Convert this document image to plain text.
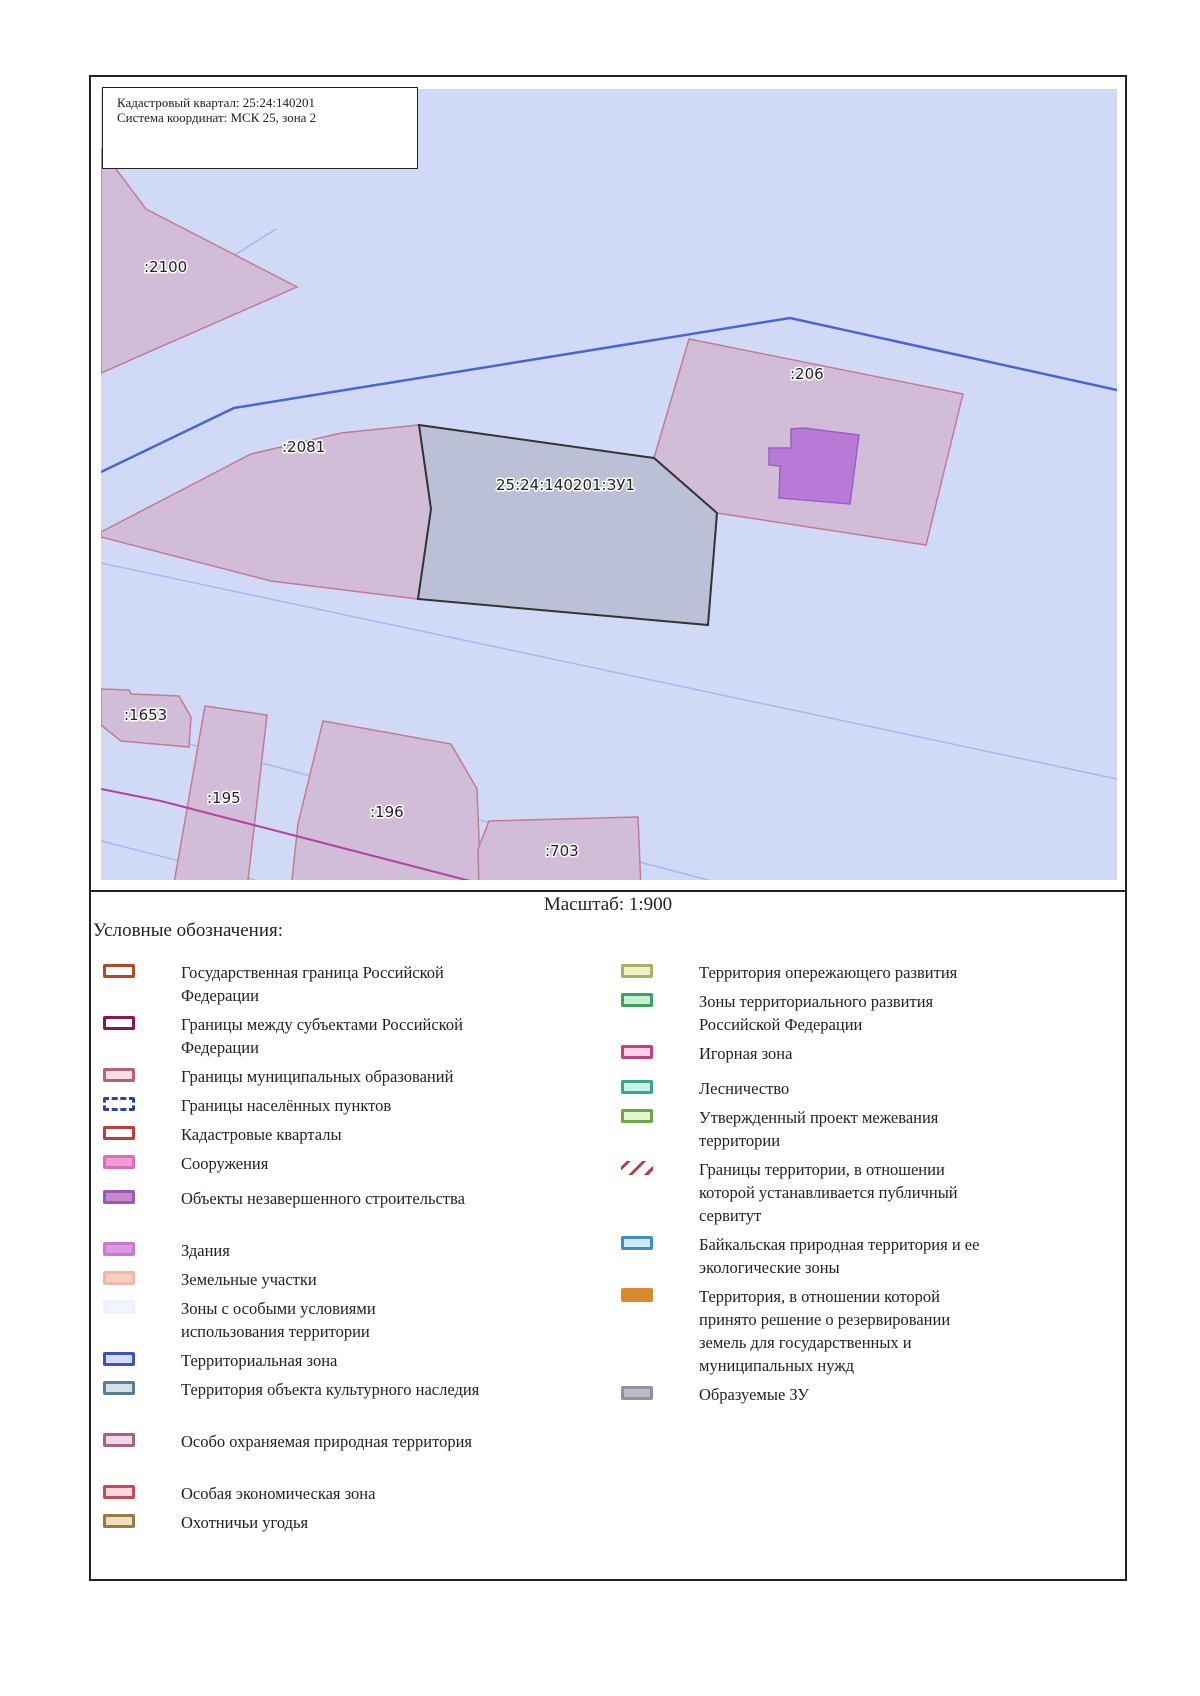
:2100
:2081
25:24:140201:ЗУ1
:206
:1653
:195
:196
:703
Кадастровый квартал: 25:24:140201
Система координат: МСК 25, зона 2
Масштаб: 1:900
Условные обозначения:
Государственная граница Российской Федерации
Границы между субъектами Российской Федерации
Границы муниципальных образований
Границы населённых пунктов
Кадастровые кварталы
Сооружения
Объекты незавершенного строительства
Здания
Земельные участки
Зоны с особыми условиями использования территории
Территориальная зона
Территория объекта культурного наследия
Особо охраняемая природная территория
Особая экономическая зона
Охотничьи угодья
Территория опережающего развития
Зоны территориального развития Российской Федерации
Игорная зона
Лесничество
Утвержденный проект межевания территории
Границы территории, в отношении которой устанавливается публичный сервитут
Байкальская природная территория и ее экологические зоны
Территория, в отношении которой принято решение о резервировании земель для государственных и муниципальных нужд
Образуемые ЗУ
